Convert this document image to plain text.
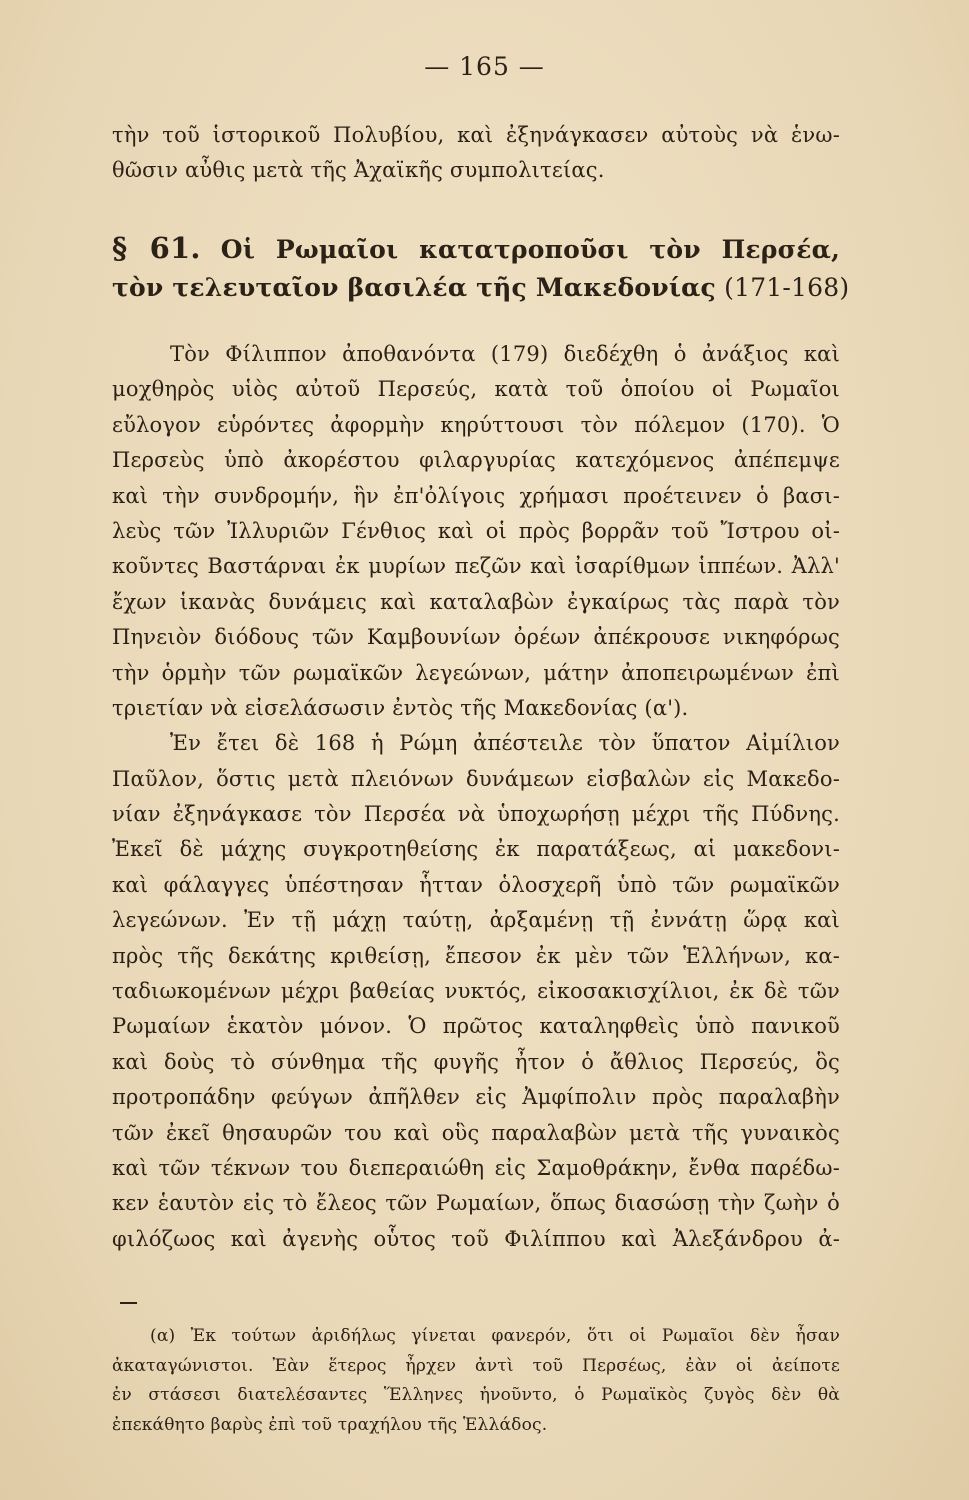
— 165 —
τὴν τοῦ ἱστορικοῦ Πολυβίου, καὶ ἐξηνάγκασεν αὐτοὺς νὰ ἑνω-
θῶσιν αὖθις μετὰ τῆς Ἀχαϊκῆς συμπολιτείας.
§ 61. Οἱ Ρωμαῖοι κατατροποῦσι τὸν Περσέα,
τὸν τελευταῖον βασιλέα τῆς Μακεδονίας (171-168)
Τὸν Φίλιππον ἀποθανόντα (179) διεδέχθη ὁ ἀνάξιος καὶ
μοχθηρὸς υἱὸς αὐτοῦ Περσεύς, κατὰ τοῦ ὁποίου οἱ Ρωμαῖοι
εὔλογον εὑρόντες ἀφορμὴν κηρύττουσι τὸν πόλεμον (170). Ὁ
Περσεὺς ὑπὸ ἀκορέστου φιλαργυρίας κατεχόμενος ἀπέπεμψε
καὶ τὴν συνδρομήν, ἣν ἐπ'ὀλίγοις χρήμασι προέτεινεν ὁ βασι-
λεὺς τῶν Ἰλλυριῶν Γένθιος καὶ οἱ πρὸς βορρᾶν τοῦ Ἴστρου οἰ-
κοῦντες Βαστάρναι ἐκ μυρίων πεζῶν καὶ ἰσαρίθμων ἱππέων. Ἀλλ'
ἔχων ἱκανὰς δυνάμεις καὶ καταλαβὼν ἐγκαίρως τὰς παρὰ τὸν
Πηνειὸν διόδους τῶν Καμβουνίων ὀρέων ἀπέκρουσε νικηφόρως
τὴν ὁρμὴν τῶν ρωμαϊκῶν λεγεώνων, μάτην ἀποπειρωμένων ἐπὶ
τριετίαν νὰ εἰσελάσωσιν ἐντὸς τῆς Μακεδονίας (α').
Ἐν ἔτει δὲ 168 ἡ Ρώμη ἀπέστειλε τὸν ὕπατον Αἰμίλιον
Παῦλον, ὅστις μετὰ πλειόνων δυνάμεων εἰσβαλὼν εἰς Μακεδο-
νίαν ἐξηνάγκασε τὸν Περσέα νὰ ὑποχωρήσῃ μέχρι τῆς Πύδνης.
Ἐκεῖ δὲ μάχης συγκροτηθείσης ἐκ παρατάξεως, αἱ μακεδονι-
καὶ φάλαγγες ὑπέστησαν ἧτταν ὁλοσχερῆ ὑπὸ τῶν ρωμαϊκῶν
λεγεώνων. Ἐν τῇ μάχῃ ταύτῃ, ἀρξαμένῃ τῇ ἐννάτῃ ὥρᾳ καὶ
πρὸς τῆς δεκάτης κριθείσῃ, ἔπεσον ἐκ μὲν τῶν Ἑλλήνων, κα-
ταδιωκομένων μέχρι βαθείας νυκτός, εἰκοσακισχίλιοι, ἐκ δὲ τῶν
Ρωμαίων ἑκατὸν μόνον. Ὁ πρῶτος καταληφθεὶς ὑπὸ πανικοῦ
καὶ δοὺς τὸ σύνθημα τῆς φυγῆς ἦτον ὁ ἄθλιος Περσεύς, ὃς
προτροπάδην φεύγων ἀπῆλθεν εἰς Ἀμφίπολιν πρὸς παραλαβὴν
τῶν ἐκεῖ θησαυρῶν του καὶ οὓς παραλαβὼν μετὰ τῆς γυναικὸς
καὶ τῶν τέκνων του διεπεραιώθη εἰς Σαμοθράκην, ἔνθα παρέδω-
κεν ἑαυτὸν εἰς τὸ ἔλεος τῶν Ρωμαίων, ὅπως διασώσῃ τὴν ζωὴν ὁ
φιλόζωος καὶ ἀγενὴς οὗτος τοῦ Φιλίππου καὶ Ἀλεξάνδρου ἀ-
(α) Ἐκ τούτων ἀριδήλως γίνεται φανερόν, ὅτι οἱ Ρωμαῖοι δὲν ἦσαν
ἀκαταγώνιστοι. Ἐὰν ἕτερος ἦρχεν ἀντὶ τοῦ Περσέως, ἐὰν οἱ ἀείποτε
ἐν στάσεσι διατελέσαντες Ἕλληνες ἡνοῦντο, ὁ Ρωμαϊκὸς ζυγὸς δὲν θὰ
ἐπεκάθητο βαρὺς ἐπὶ τοῦ τραχήλου τῆς Ἑλλάδος.
